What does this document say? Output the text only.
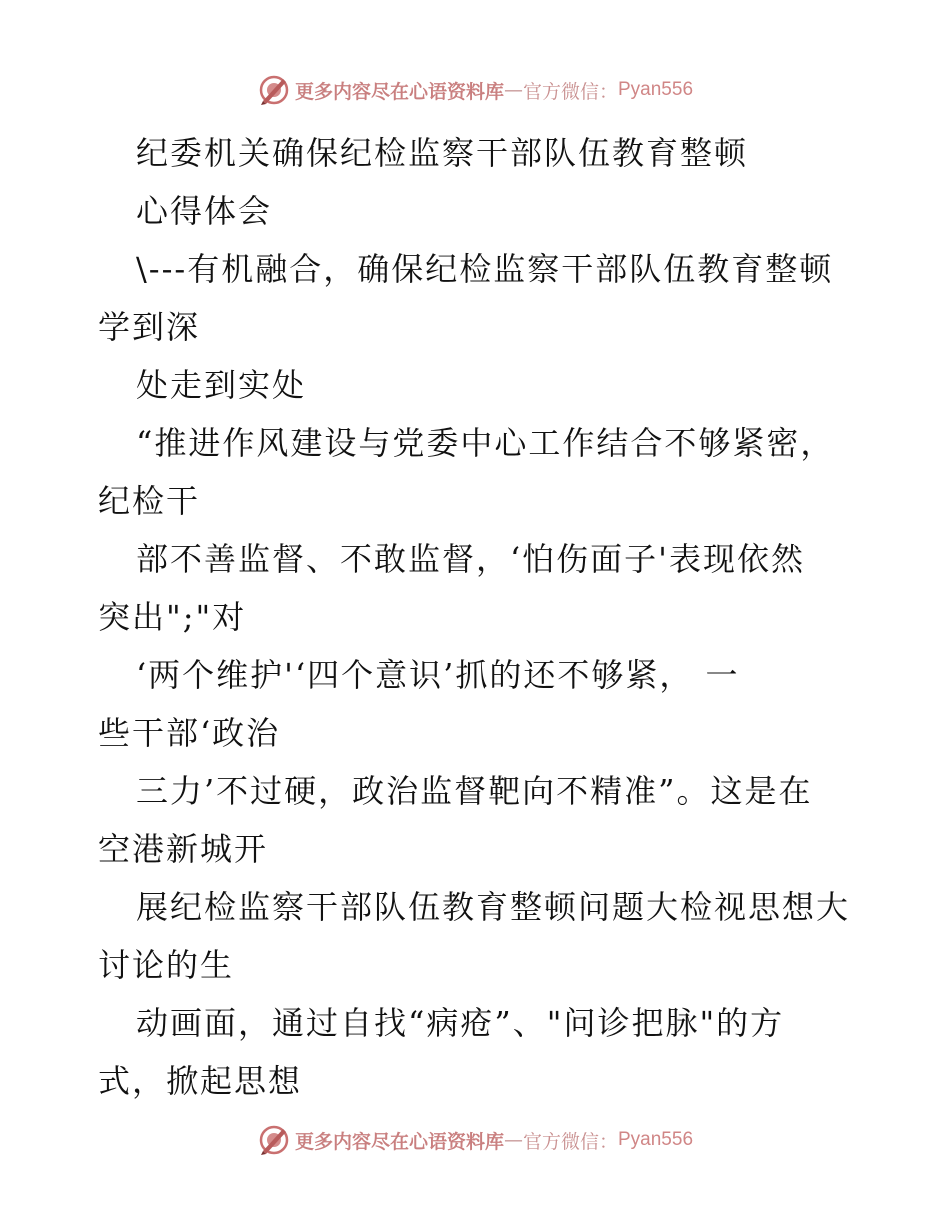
更多内容尽在心语资料库 — 官方微信： Pyan556
纪委机关确保纪检监察干部队伍教育整顿
心得体会
\---有机融合，确保纪检监察干部队伍教育整顿
学到深
处走到实处
“推进作风建设与党委中心工作结合不够紧密，
纪检干
部不善监督、不敢监督，‘怕伤面子'表现依然
突出";"对
‘两个维护'‘四个意识’抓的还不够紧， 一
些干部‘政治
三力’不过硬，政治监督靶向不精准”。这是在
空港新城开
展纪检监察干部队伍教育整顿问题大检视思想大
讨论的生
动画面，通过自找“病疮”、"问诊把脉"的方
式，掀起思想
更多内容尽在心语资料库 — 官方微信： Pyan556
